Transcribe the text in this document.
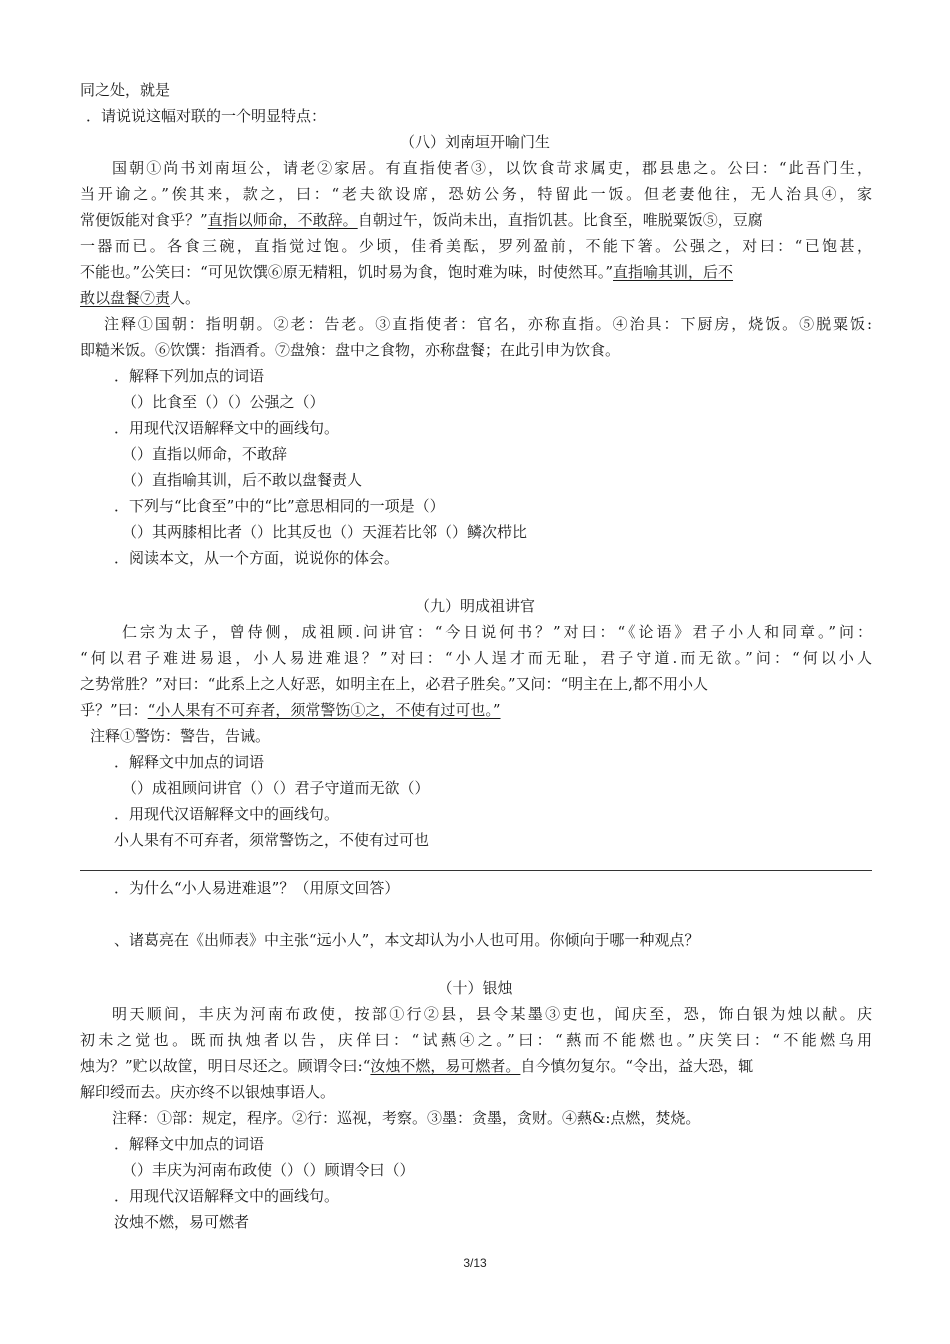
同之处，就是
．请说说这幅对联的一个明显特点：
（八）刘南垣开喻门生
国朝①尚书刘南垣公，请老②家居。有直指使者③，以饮食苛求属吏，郡县患之。公曰：“此吾门生，
当开谕之。”俟其来，款之，曰：“老夫欲设席，恐妨公务，特留此一饭。但老妻他往，无人治具④，家
常便饭能对食乎？”直指以师命，不敢辞。自朝过午，饭尚未出，直指饥甚。比食至，唯脱粟饭⑤，豆腐
一器而已。各食三碗，直指觉过饱。少顷，佳肴美酝，罗列盈前，不能下箸。公强之，对曰：“已饱甚，
不能也。”公笑曰：“可见饮馔⑥原无精粗，饥时易为食，饱时难为味，时使然耳。”直指喻其训，后不
敢以盘餐⑦责人。
注释①国朝：指明朝。②老：告老。③直指使者：官名，亦称直指。④治具：下厨房，烧饭。⑤脱粟饭:
即糙米饭。⑥饮馔：指酒肴。⑦盘飧：盘中之食物，亦称盘餐；在此引申为饮食。
．解释下列加点的词语
（）比食至（）（）公强之（）
．用现代汉语解释文中的画线句。
（）直指以师命，不敢辞
（）直指喻其训，后不敢以盘餐责人
．下列与“比食至”中的“比”意思相同的一项是（）
（）其两膝相比者（）比其反也（）天涯若比邻（）鳞次栉比
．阅读本文，从一个方面，说说你的体会。
（九）明成祖讲官
仁宗为太子，曾侍侧，成祖顾.问讲官：“今日说何书？”对曰：“《论语》君子小人和同章。”问：
“何以君子难进易退，小人易进难退？”对曰：“小人逞才而无耻，君子守道.而无欲。”问：“何以小人
之势常胜？”对曰：“此系上之人好恶，如明主在上，必君子胜矣。”又问：“明主在上,都不用小人
乎？”曰：“小人果有不可弃者，须常警饬①之，不使有过可也。”
注释①警饬：警告，告诫。
．解释文中加点的词语
（）成祖顾问讲官（）（）君子守道而无欲（）
．用现代汉语解释文中的画线句。
小人果有不可弃者，须常警饬之，不使有过可也
．为什么“小人易进难退”？（用原文回答）
、诸葛亮在《出师表》中主张“远小人”，本文却认为小人也可用。你倾向于哪一种观点？
（十）银烛
明天顺间，丰庆为河南布政使，按部①行②县，县令某墨③吏也，闻庆至，恐，饰白银为烛以献。庆
初未之觉也。既而执烛者以告，庆佯曰：“试爇④之。”曰：“爇而不能燃也。”庆笑曰：“不能燃乌用
烛为？”贮以故筐，明日尽还之。顾谓令曰:“汝烛不燃，易可燃者。自今慎勿复尔。“令出，益大恐，辄
解印绶而去。庆亦终不以银烛事语人。
注释：①部：规定，程序。②行：巡视，考察。③墨：贪墨，贪财。④爇&:点燃，焚烧。
．解释文中加点的词语
（）丰庆为河南布政使（）（）顾谓令曰（）
．用现代汉语解释文中的画线句。
汝烛不燃，易可燃者
3/13
